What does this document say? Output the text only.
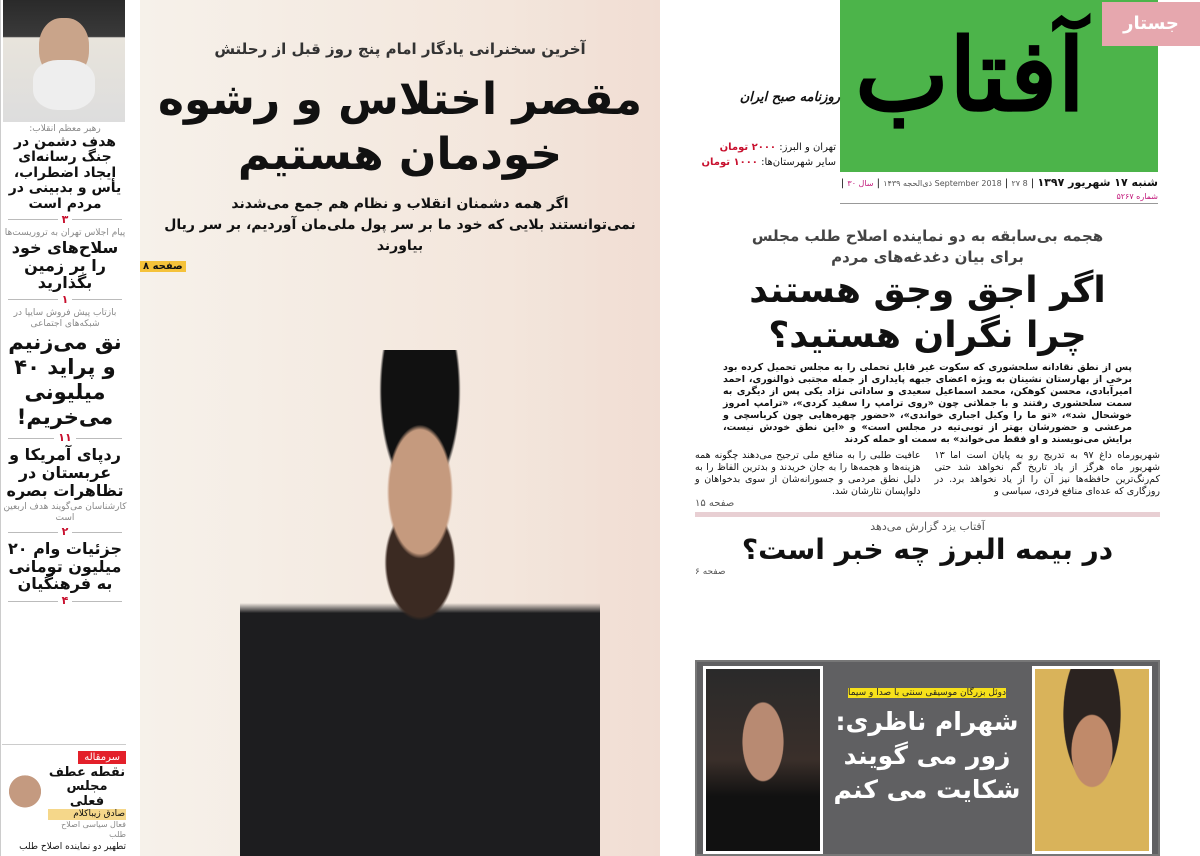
رهبر معظم انقلاب:
هدف دشمن در جنگ رسانه‌ای ایجاد اضطراب، یأس و بدبینی در مردم است
۳
پیام اجلاس تهران به تروریست‌ها
سلاح‌های خود را بر زمین بگذارید
۱
بازتاب پیش فروش سایپا در شبکه‌های اجتماعی
نق می‌زنیم و پراید ۴۰ میلیونی می‌خریم!
۱۱
ردپای آمریکا و عربستان در تظاهرات بصره
کارشناسان می‌گویند هدف اربعین است
۲
جزئیات وام ۲۰ میلیون تومانی به فرهنگیان
۴
سرمقاله
نقطه عطف مجلس فعلی
صادق زیباکلام
فعال سیاسی اصلاح طلب
تطهیر دو نماینده اصلاح طلب
آخرین سخنرانی یادگار امام پنج روز قبل از رحلتش
مقصر اختلاس و رشوه
خودمان هستیم
اگر همه دشمنان انقلاب و نظام هم جمع می‌شدند
نمی‌توانستند بلایی که خود ما بر سر پول ملی‌مان آوردیم، بر سر ریال بیاورند
صفحه ۸
آفتاب	جستار
روزنامه صبح ایران
تهران و البرز: ۲۰۰۰ تومان
سایر شهرستان‌ها: ۱۰۰۰ تومان
شنبه ۱۷ شهریور ۱۳۹۷ | 8 September 2018 | ۲۷ ذی‌الحجه ۱۴۳۹ | سال ۳۰ | شماره ۵۲۶۷
هجمه بی‌سابقه به دو نماینده اصلاح طلب مجلس
برای بیان دغدغه‌های مردم
اگر اجق وجق هستند
چرا نگران هستید؟
پس از نطق نقادانه سلحشوری که سکوت غیر قابل تحملی را به مجلس تحمیل کرده بود برخی از بهارستان نشینان به ویژه اعضای جبهه پایداری از جمله مجتبی ذوالنوری، احمد امیرآبادی، محسن کوهکن، محمد اسماعیل سعیدی و ساداتی نژاد یکی پس از دیگری به سمت سلحشوری رفتند و با جملاتی چون «روی ترامپ را سفید کردی»، «ترامپ امروز خوشحال شد»، «تو ما را وکیل اجباری خواندی»، «حضور چهره‌هایی چون کرباسچی و مرعشی و حضورشان بهتر از تویی‌تیه در مجلس است» و «این نطق خودش نیست، برایش می‌نویسند و او فقط می‌خواند» به سمت او حمله کردند
شهریورماه داغ ۹۷ به تدریج رو به پایان است اما ۱۳ شهریور ماه هرگز از یاد تاریخ گم نخواهد شد حتی کم‌رنگ‌ترین حافظه‌ها نیز آن را از یاد نخواهد برد. در روزگاری که عده‌ای منافع فردی، سیاسی و
عافیت طلبی را به منافع ملی ترجیح می‌دهند چگونه همه هزینه‌ها و هجمه‌ها را به جان خریدند و بدترین الفاظ را به دلیل نطق مردمی و جسورانه‌شان از سوی بدخواهان و دلواپسان نثارشان شد.
صفحه ۱۵
آفتاب یزد گزارش می‌دهد
در بیمه البرز چه خبر است؟
صفحه ۶
دوئل بزرگان موسیقی سنتی با صدا و سیما
شهرام ناظری:
زور می گویند
شکایت می کنم
